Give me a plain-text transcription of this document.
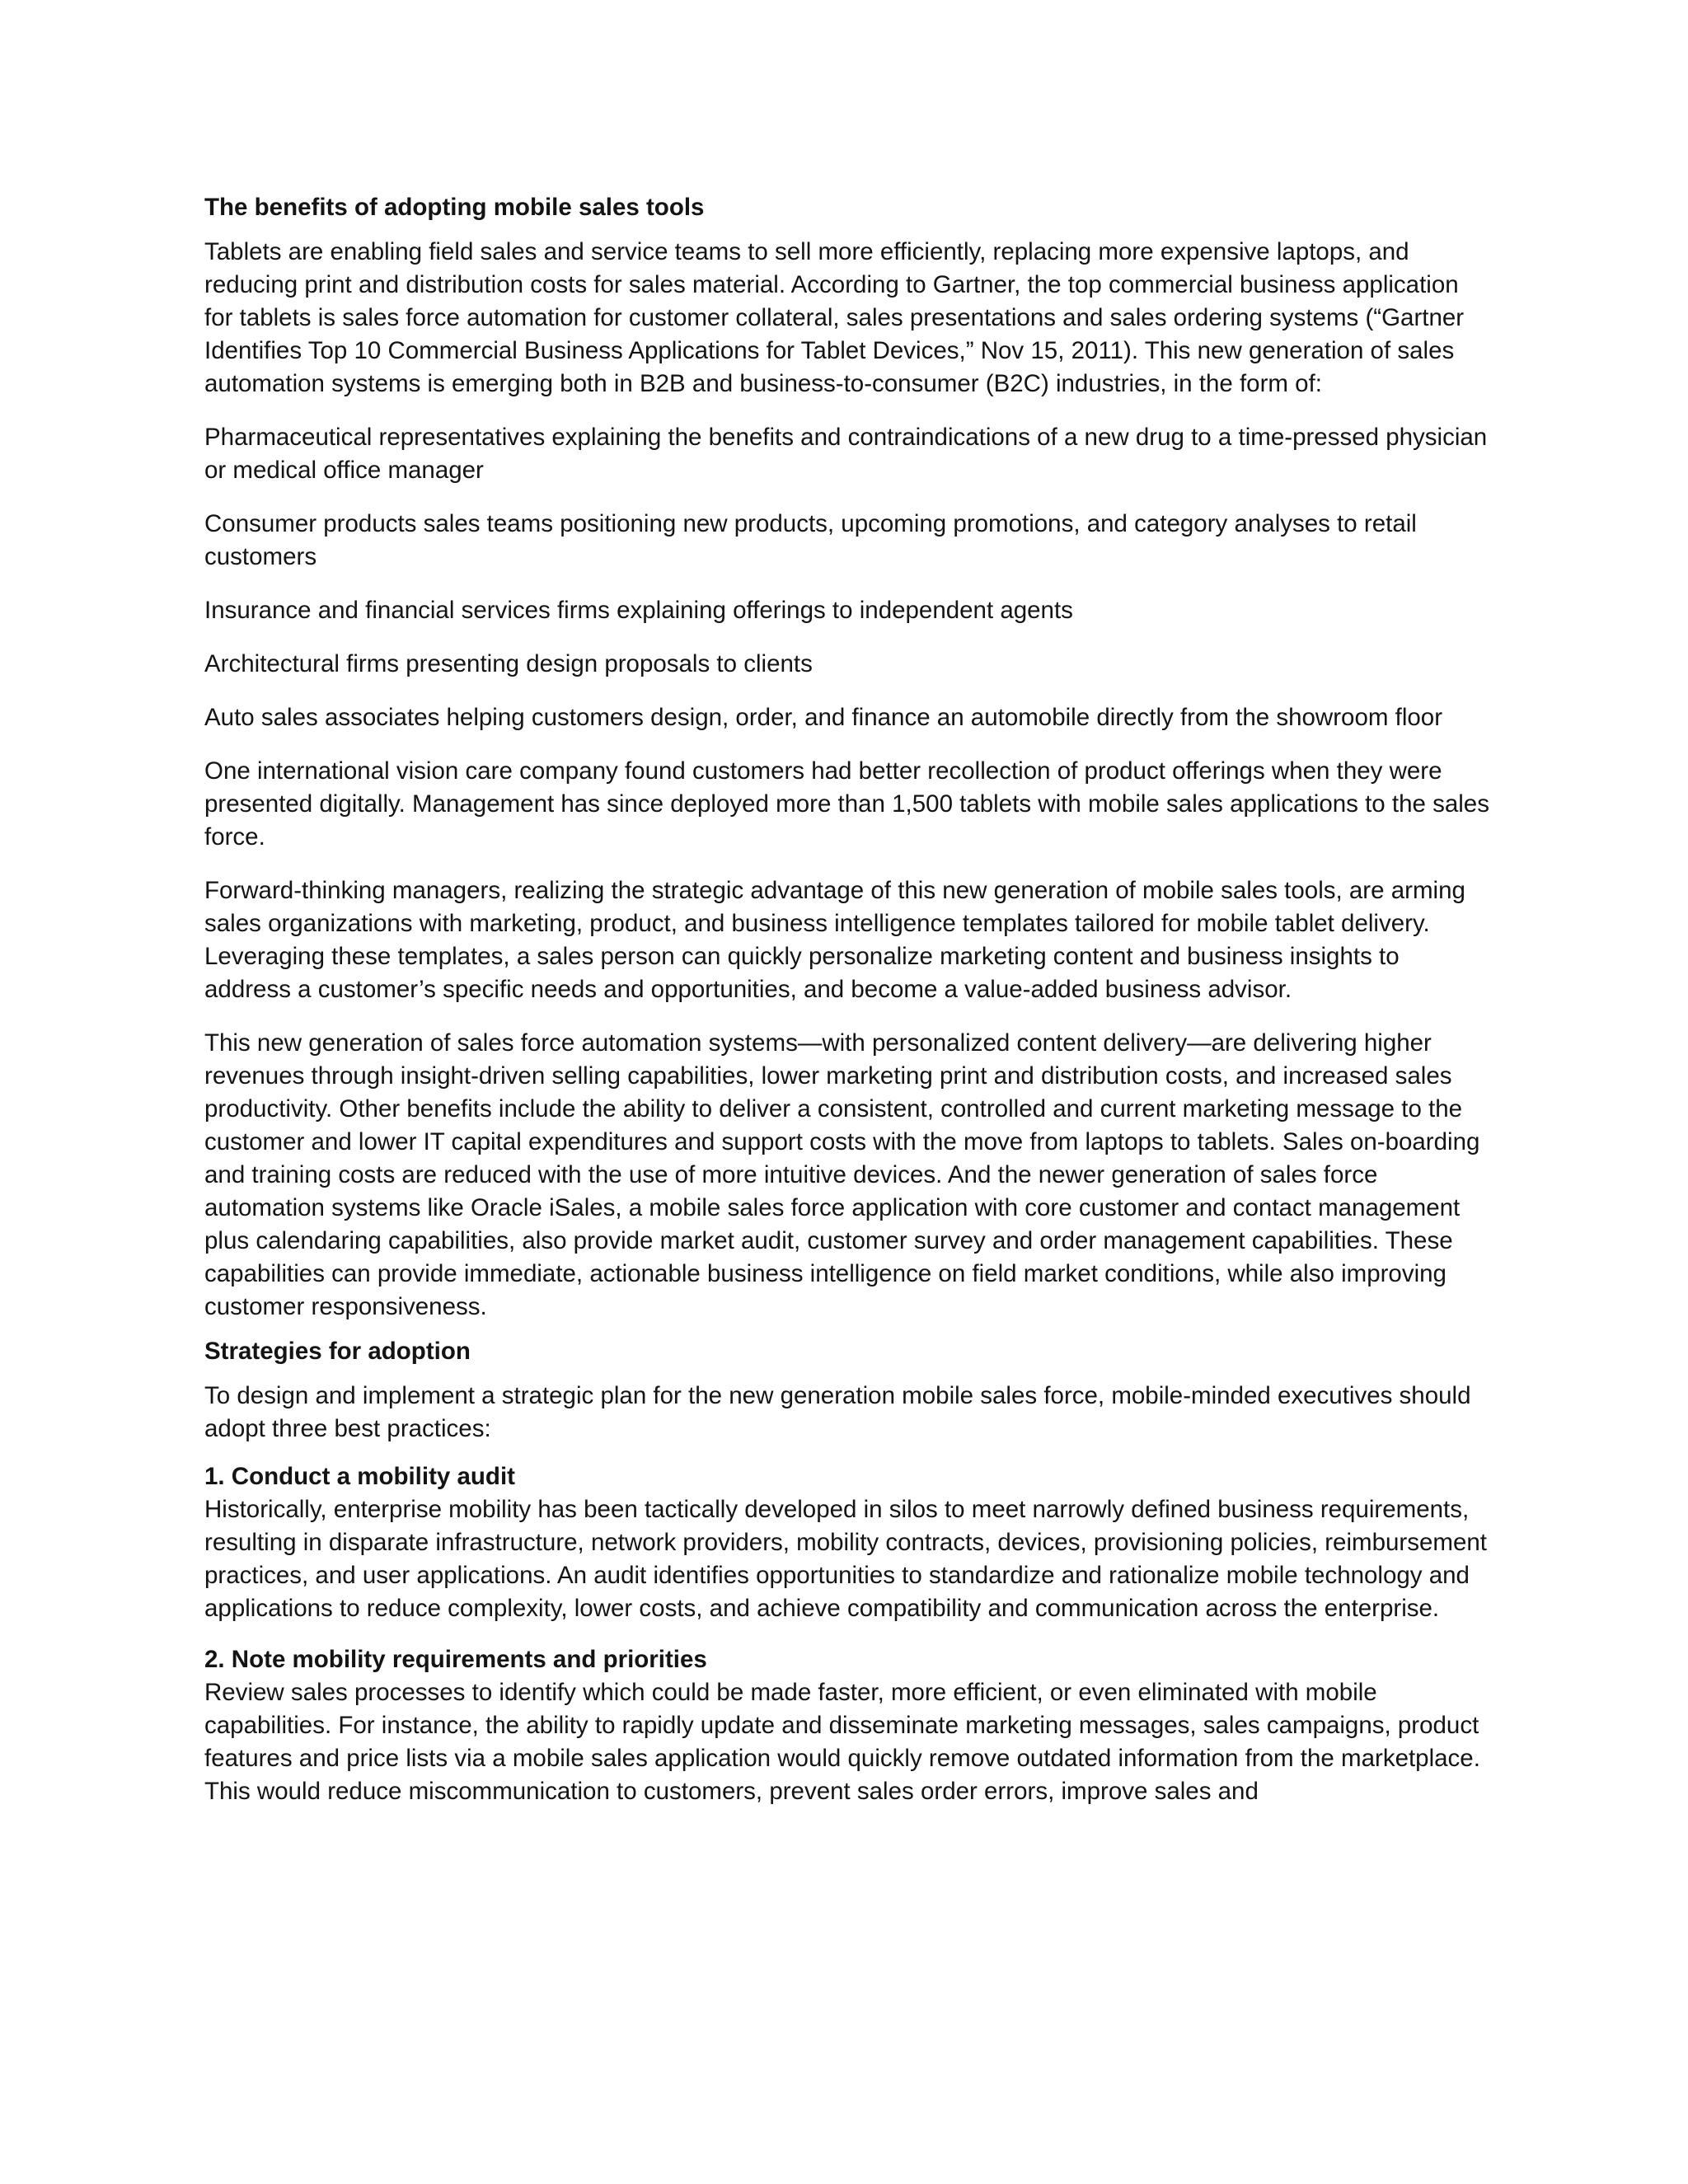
The benefits of adopting mobile sales tools

Tablets are enabling field sales and service teams to sell more efficiently, replacing more expensive laptops, and reducing print and distribution costs for sales material. According to Gartner, the top commercial business application for tablets is sales force automation for customer collateral, sales presentations and sales ordering systems (“Gartner Identifies Top 10 Commercial Business Applications for Tablet Devices,” Nov 15, 2011). This new generation of sales automation systems is emerging both in B2B and business-to-consumer (B2C) industries, in the form of:

Pharmaceutical representatives explaining the benefits and contraindications of a new drug to a time-pressed physician or medical office manager

Consumer products sales teams positioning new products, upcoming promotions, and category analyses to retail customers

Insurance and financial services firms explaining offerings to independent agents

Architectural firms presenting design proposals to clients

Auto sales associates helping customers design, order, and finance an automobile directly from the showroom floor

One international vision care company found customers had better recollection of product offerings when they were presented digitally. Management has since deployed more than 1,500 tablets with mobile sales applications to the sales force.

Forward-thinking managers, realizing the strategic advantage of this new generation of mobile sales tools, are arming sales organizations with marketing, product, and business intelligence templates tailored for mobile tablet delivery. Leveraging these templates, a sales person can quickly personalize marketing content and business insights to address a customer’s specific needs and opportunities, and become a value-added business advisor.

This new generation of sales force automation systems—with personalized content delivery—are delivering higher revenues through insight-driven selling capabilities, lower marketing print and distribution costs, and increased sales productivity. Other benefits include the ability to deliver a consistent, controlled and current marketing message to the customer and lower IT capital expenditures and support costs with the move from laptops to tablets. Sales on-boarding and training costs are reduced with the use of more intuitive devices. And the newer generation of sales force automation systems like Oracle iSales, a mobile sales force application with core customer and contact management plus calendaring capabilities, also provide market audit, customer survey and order management capabilities. These capabilities can provide immediate, actionable business intelligence on field market conditions, while also improving customer responsiveness.

Strategies for adoption

To design and implement a strategic plan for the new generation mobile sales force, mobile-minded executives should adopt three best practices:

1. Conduct a mobility audit
Historically, enterprise mobility has been tactically developed in silos to meet narrowly defined business requirements, resulting in disparate infrastructure, network providers, mobility contracts, devices, provisioning policies, reimbursement practices, and user applications. An audit identifies opportunities to standardize and rationalize mobile technology and applications to reduce complexity, lower costs, and achieve compatibility and communication across the enterprise.
2. Note mobility requirements and priorities
Review sales processes to identify which could be made faster, more efficient, or even eliminated with mobile capabilities. For instance, the ability to rapidly update and disseminate marketing messages, sales campaigns, product features and price lists via a mobile sales application would quickly remove outdated information from the marketplace. This would reduce miscommunication to customers, prevent sales order errors, improve sales and
